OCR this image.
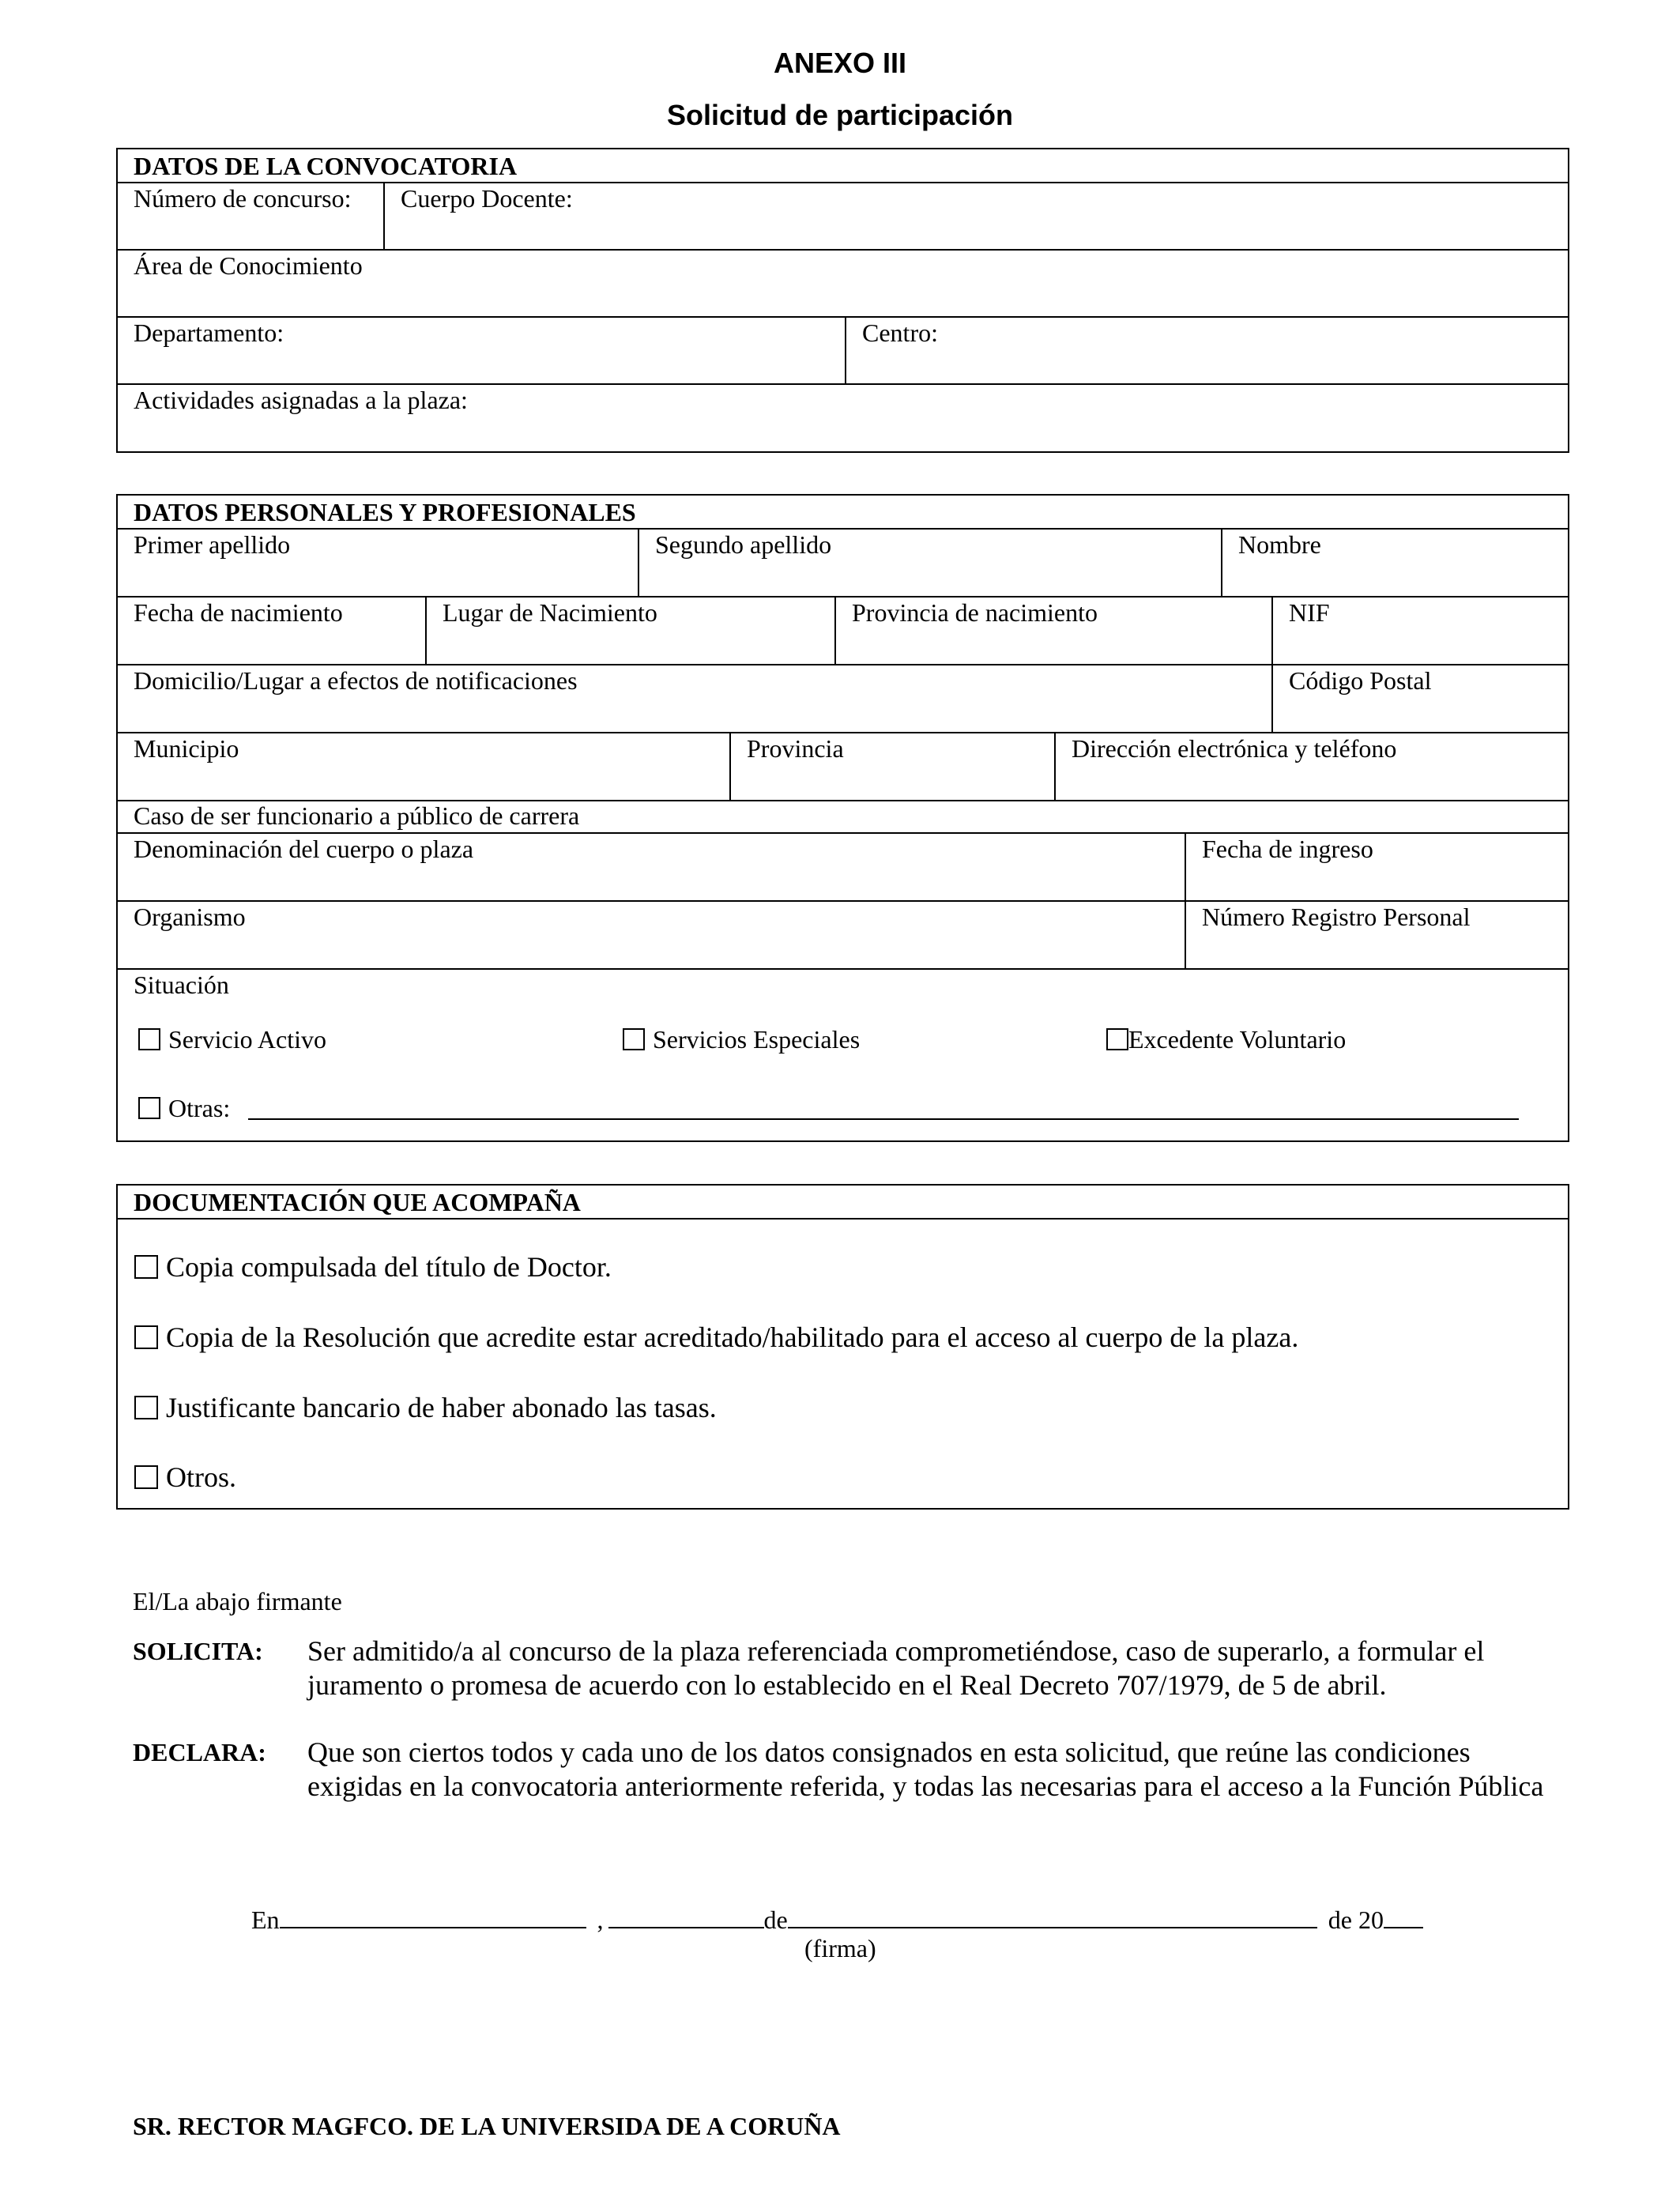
ANEXO III
Solicitud de participación
DATOS DE LA CONVOCATORIA
Número de concurso:	Cuerpo Docente:
Área de Conocimiento
Departamento:	Centro:
Actividades asignadas a la plaza:
DATOS PERSONALES Y PROFESIONALES
Primer apellido	Segundo apellido	Nombre
Fecha de nacimiento	Lugar de Nacimiento	Provincia de nacimiento	NIF
Domicilio/Lugar a efectos de notificaciones	Código Postal
Municipio	Provincia	Dirección electrónica y teléfono
Caso de ser funcionario a público de carrera
Denominación del cuerpo o plaza	Fecha de ingreso
Organismo	Número Registro Personal
Situación
Servicio Activo	Servicios Especiales	Excedente Voluntario
Otras:
DOCUMENTACIÓN QUE ACOMPAÑA
Copia compulsada del título de Doctor.
Copia de la Resolución que acredite estar acreditado/habilitado para el acceso al cuerpo de la plaza.
Justificante bancario de haber abonado las tasas.
Otros.
El/La abajo firmante
SOLICITA: Ser admitido/a al concurso de la plaza referenciada comprometiéndose, caso de superarlo, a formular el juramento o promesa de acuerdo con lo establecido en el Real Decreto 707/1979, de 5 de abril.
DECLARA: Que son ciertos todos y cada uno de los datos consignados en esta solicitud, que reúne las condiciones exigidas en la convocatoria anteriormente referida, y todas las necesarias para el acceso a la Función Pública
En	,	de	de 20
(firma)
SR. RECTOR MAGFCO. DE LA UNIVERSIDA DE A CORUÑA
